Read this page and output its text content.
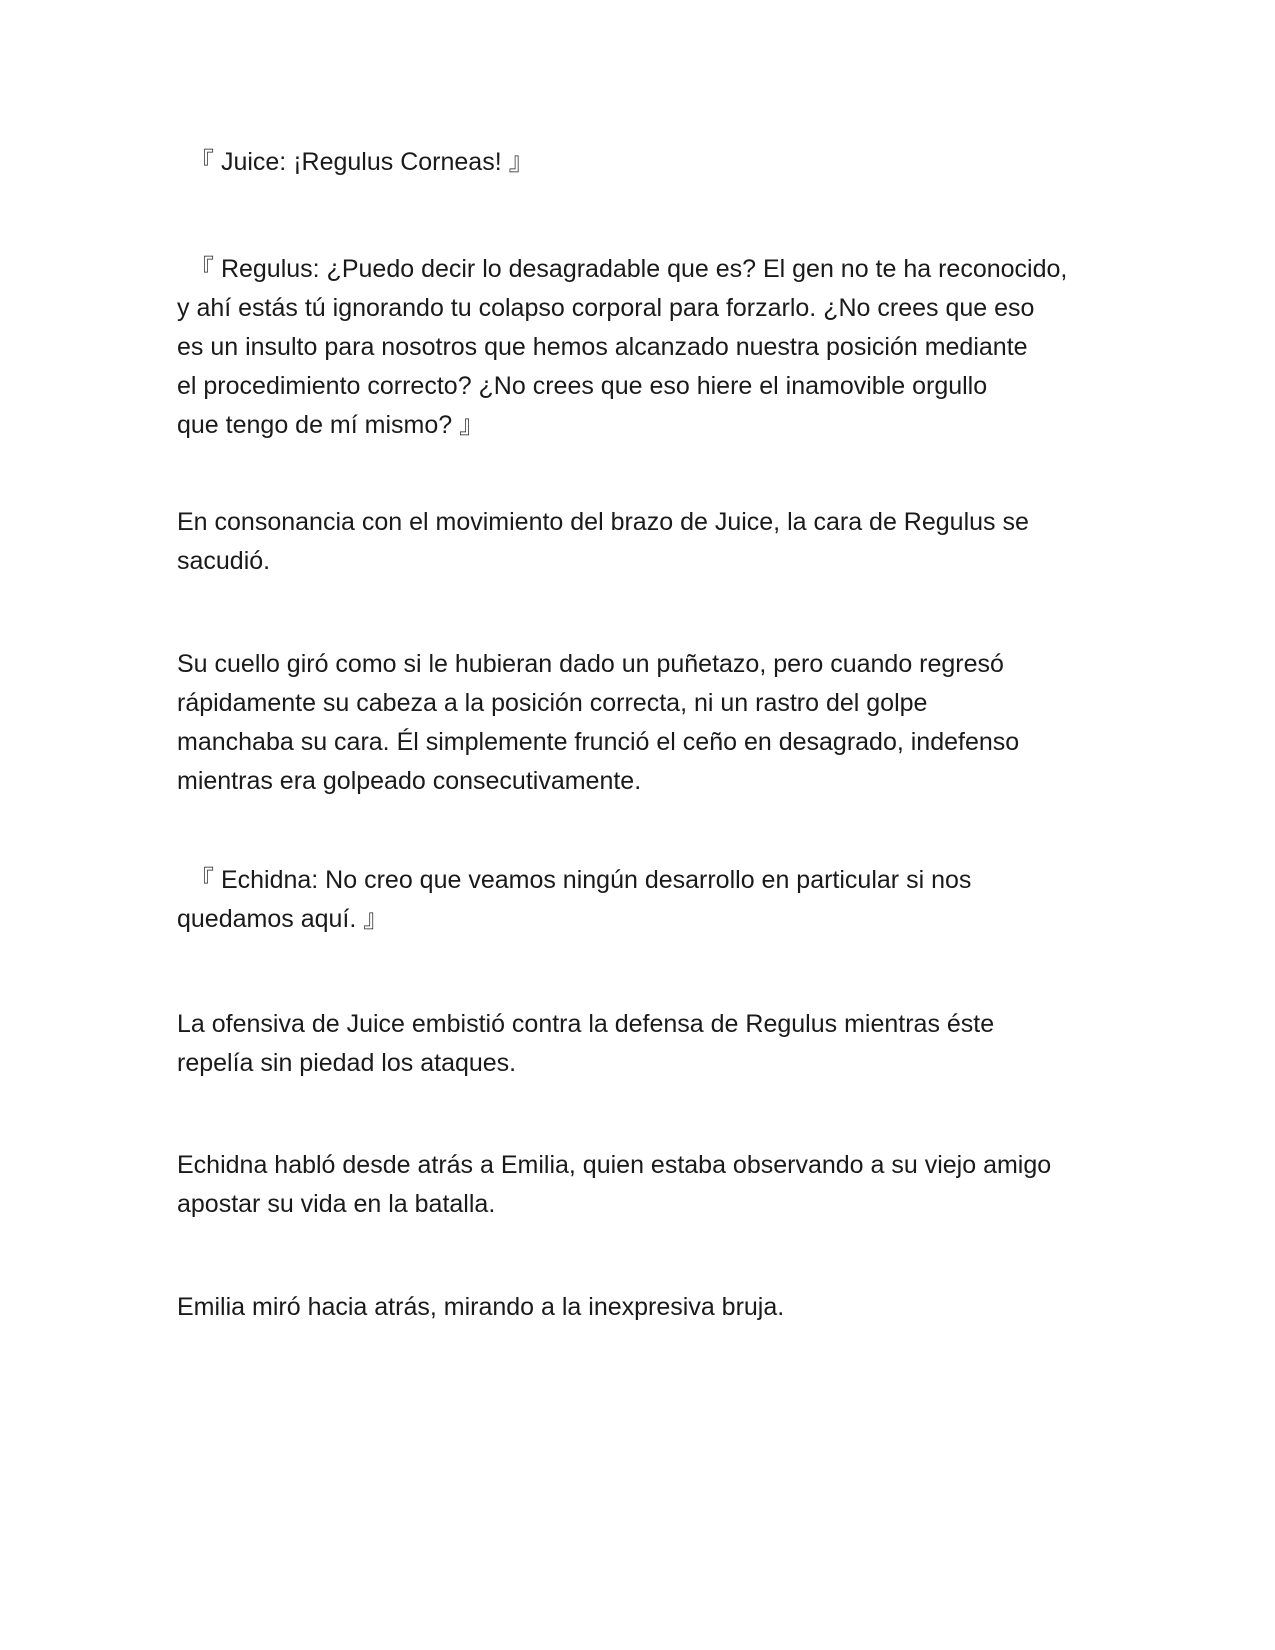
『 Juice: ¡Regulus Corneas! 』

『 Regulus: ¿Puedo decir lo desagradable que es? El gen no te ha reconocido,
y ahí estás tú ignorando tu colapso corporal para forzarlo. ¿No crees que eso
es un insulto para nosotros que hemos alcanzado nuestra posición mediante
el procedimiento correcto? ¿No crees que eso hiere el inamovible orgullo
que tengo de mí mismo? 』

En consonancia con el movimiento del brazo de Juice, la cara de Regulus se
sacudió.

Su cuello giró como si le hubieran dado un puñetazo, pero cuando regresó
rápidamente su cabeza a la posición correcta, ni un rastro del golpe
manchaba su cara. Él simplemente frunció el ceño en desagrado, indefenso
mientras era golpeado consecutivamente.

『 Echidna: No creo que veamos ningún desarrollo en particular si nos
quedamos aquí. 』

La ofensiva de Juice embistió contra la defensa de Regulus mientras éste
repelía sin piedad los ataques.

Echidna habló desde atrás a Emilia, quien estaba observando a su viejo amigo
apostar su vida en la batalla.

Emilia miró hacia atrás, mirando a la inexpresiva bruja.
